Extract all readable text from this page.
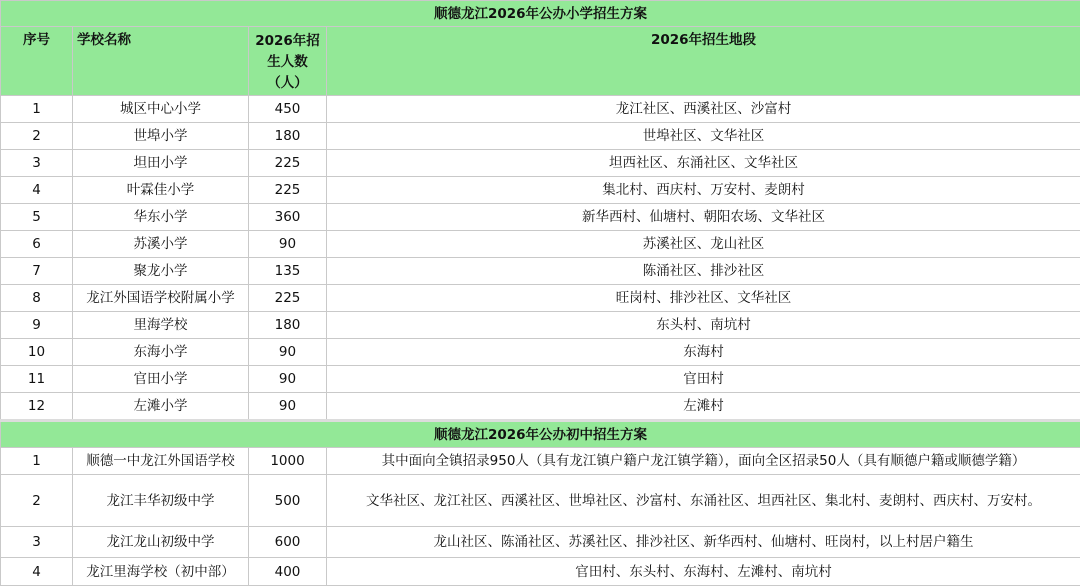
顺德龙江2026年公办小学招生方案			
序号	学校名称	2026年招生人数（人）	2026年招生地段
1	城区中心小学	450	龙江社区、西溪社区、沙富村
2	世埠小学	180	世埠社区、文华社区
3	坦田小学	225	坦西社区、东涌社区、文华社区
4	叶霖佳小学	225	集北村、西庆村、万安村、麦朗村
5	华东小学	360	新华西村、仙塘村、朝阳农场、文华社区
6	苏溪小学	90	苏溪社区、龙山社区
7	聚龙小学	135	陈涌社区、排沙社区
8	龙江外国语学校附属小学	225	旺岗村、排沙社区、文华社区
9	里海学校	180	东头村、南坑村
10	东海小学	90	东海村
11	官田小学	90	官田村
12	左滩小学	90	左滩村
顺德龙江2026年公办初中招生方案			
1	顺德一中龙江外国语学校	1000	其中面向全镇招录950人（具有龙江镇户籍户龙江镇学籍），面向全区招录50人（具有顺德户籍或顺德学籍）
2	龙江丰华初级中学	500	文华社区、龙江社区、西溪社区、世埠社区、沙富村、东涌社区、坦西社区、集北村、麦朗村、西庆村、万安村。
3	龙江龙山初级中学	600	龙山社区、陈涌社区、苏溪社区、排沙社区、新华西村、仙塘村、旺岗村，以上村居户籍生
4	龙江里海学校（初中部）	400	官田村、东头村、东海村、左滩村、南坑村
